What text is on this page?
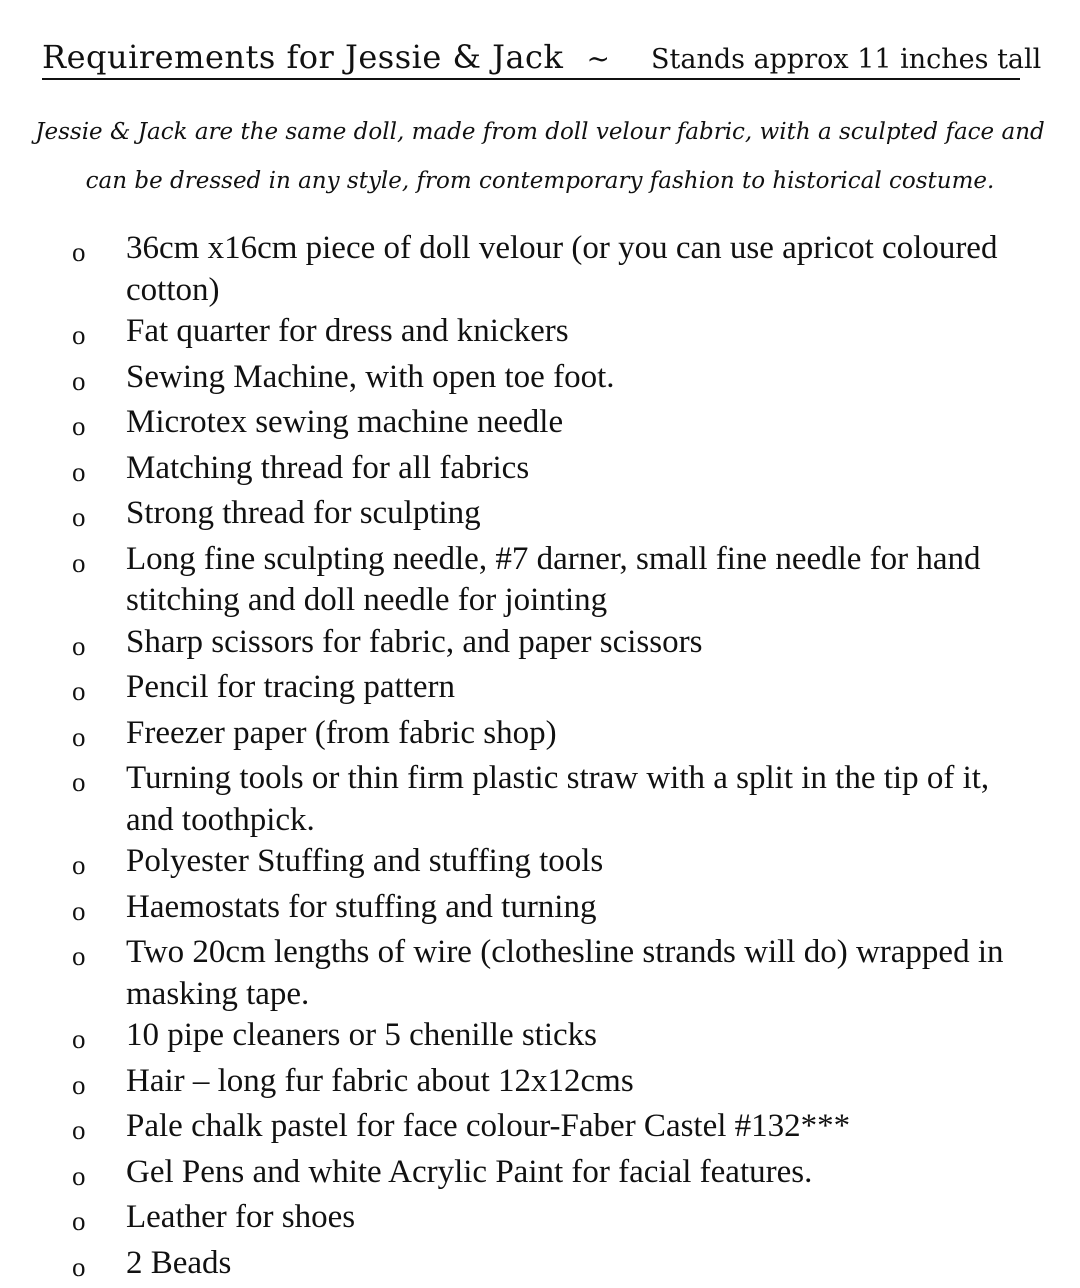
Requirements for Jessie & Jack ~ Stands approx 11 inches tall
Jessie & Jack are the same doll, made from doll velour fabric, with a sculpted face and can be dressed in any style, from contemporary fashion to historical costume.
o	36cm x16cm piece of doll velour (or you can use apricot coloured cotton)
o	Fat quarter for dress and knickers
o	Sewing Machine, with open toe foot.
o	Microtex sewing machine needle
o	Matching thread for all fabrics
o	Strong thread for sculpting
o	Long fine sculpting needle, #7 darner, small fine needle for hand stitching and doll needle for jointing
o	Sharp scissors for fabric, and paper scissors
o	Pencil for tracing pattern
o	Freezer paper (from fabric shop)
o	Turning tools or thin firm plastic straw with a split in the tip of it, and toothpick.
o	Polyester Stuffing and stuffing tools
o	Haemostats for stuffing and turning
o	Two 20cm lengths of wire (clothesline strands will do) wrapped in masking tape.
o	10 pipe cleaners or 5 chenille sticks
o	Hair – long fur fabric about 12x12cms
o	Pale chalk pastel for face colour-Faber Castel #132***
o	Gel Pens and white Acrylic Paint for facial features.
o	Leather for shoes
o	2 Beads
